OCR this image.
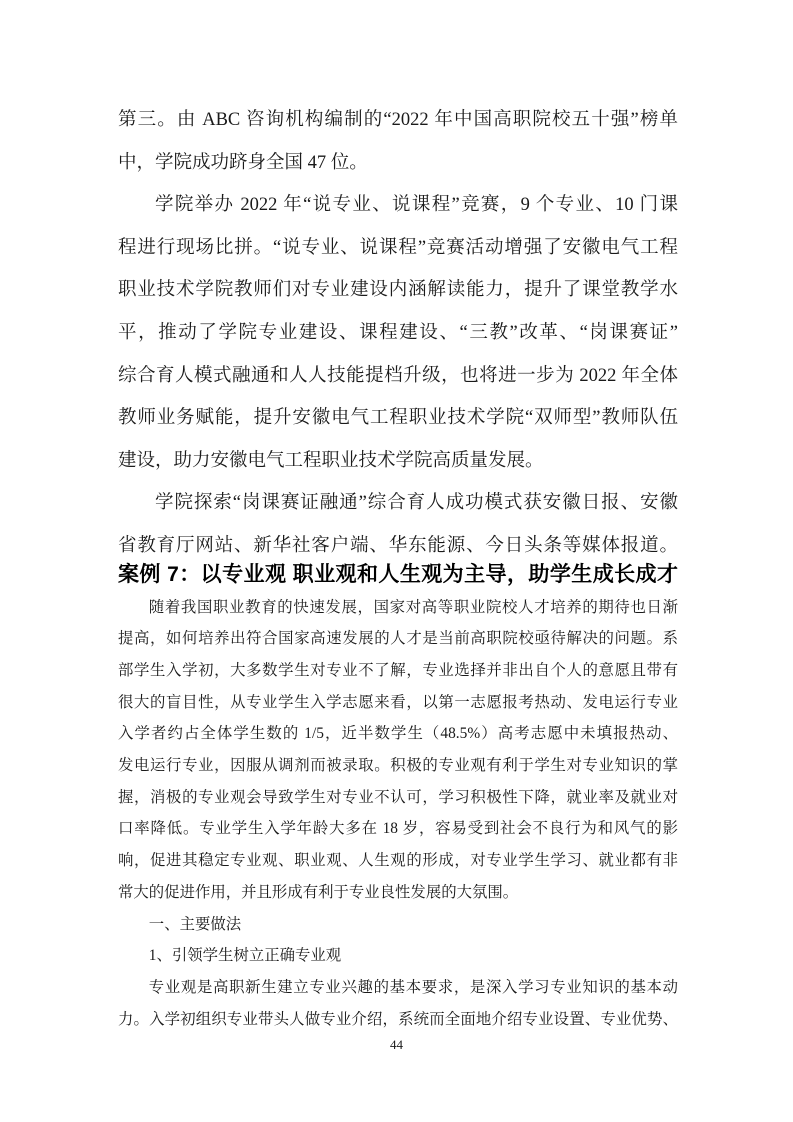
第三。由 ABC 咨询机构编制的“2022 年中国高职院校五十强”榜单
中，学院成功跻身全国 47 位。
学院举办 2022 年“说专业、说课程”竞赛，9 个专业、10 门课
程进行现场比拼。“说专业、说课程”竞赛活动增强了安徽电气工程
职业技术学院教师们对专业建设内涵解读能力，提升了课堂教学水
平，推动了学院专业建设、课程建设、“三教”改革、“岗课赛证”
综合育人模式融通和人人技能提档升级，也将进一步为 2022 年全体
教师业务赋能，提升安徽电气工程职业技术学院“双师型”教师队伍
建设，助力安徽电气工程职业技术学院高质量发展。
学院探索“岗课赛证融通”综合育人成功模式获安徽日报、安徽
省教育厅网站、新华社客户端、华东能源、今日头条等媒体报道。
案例 7：以专业观 职业观和人生观为主导，助学生成长成才
随着我国职业教育的快速发展，国家对高等职业院校人才培养的期待也日渐
提高，如何培养出符合国家高速发展的人才是当前高职院校亟待解决的问题。系
部学生入学初，大多数学生对专业不了解，专业选择并非出自个人的意愿且带有
很大的盲目性，从专业学生入学志愿来看，以第一志愿报考热动、发电运行专业
入学者约占全体学生数的 1/5，近半数学生（48.5%）高考志愿中未填报热动、
发电运行专业，因服从调剂而被录取。积极的专业观有利于学生对专业知识的掌
握，消极的专业观会导致学生对专业不认可，学习积极性下降，就业率及就业对
口率降低。专业学生入学年龄大多在 18 岁，容易受到社会不良行为和风气的影
响，促进其稳定专业观、职业观、人生观的形成，对专业学生学习、就业都有非
常大的促进作用，并且形成有利于专业良性发展的大氛围。
一、主要做法
1、引领学生树立正确专业观
专业观是高职新生建立专业兴趣的基本要求，是深入学习专业知识的基本动
力。入学初组织专业带头人做专业介绍，系统而全面地介绍专业设置、专业优势、
44
